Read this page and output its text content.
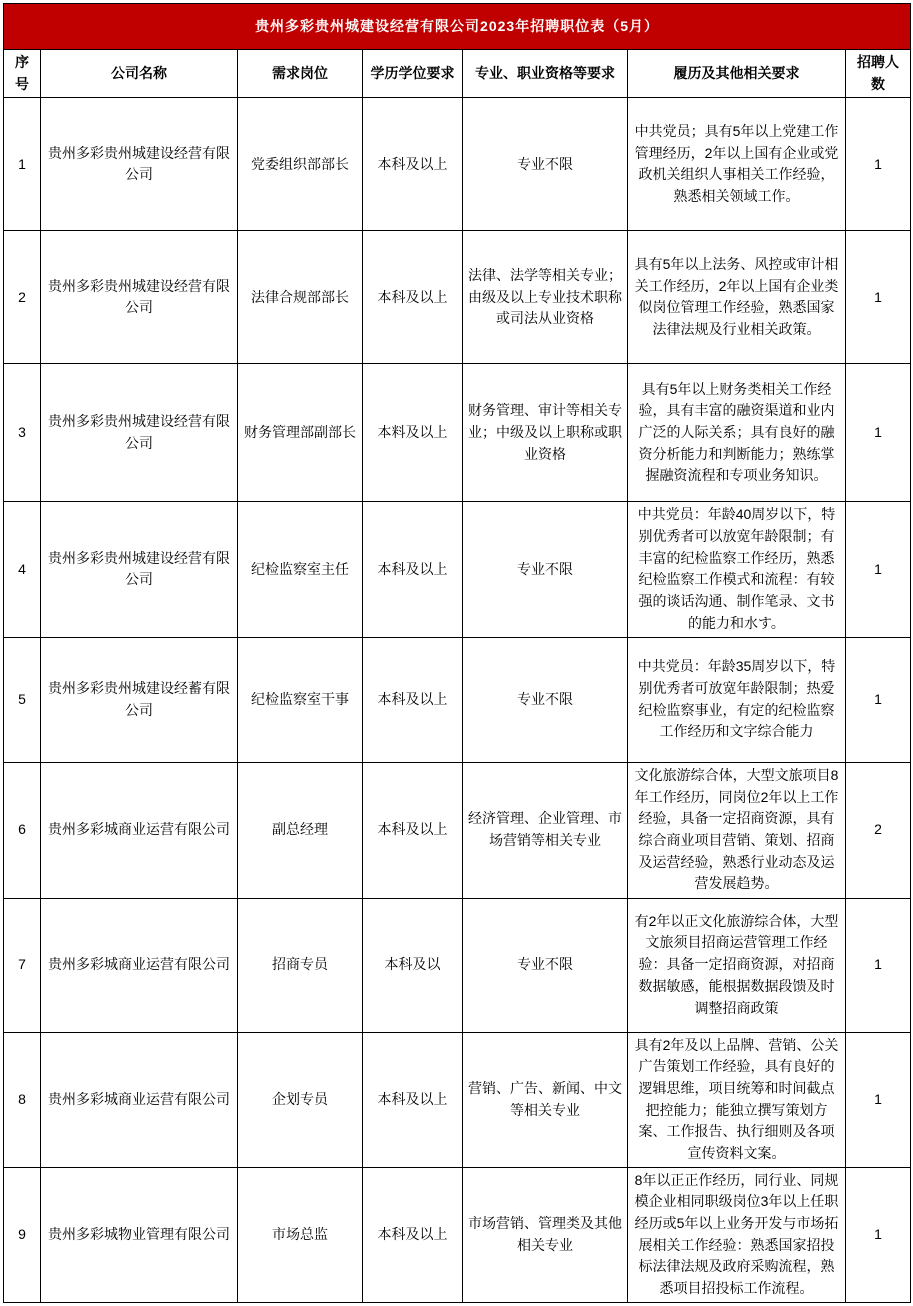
贵州多彩贵州城建设经营有限公司2023年招聘职位表（5月）						
序号	公司名称	需求岗位	学历学位要求	专业、职业资格等要求	履历及其他相关要求	招聘人数
1	贵州多彩贵州城建设经营有限公司	党委组织部部长	本科及以上	专业不限	中共党员；具有5年以上党建工作管理经历，2年以上国有企业或党政机关组织人事相关工作经验，熟悉相关领域工作。	1
2	贵州多彩贵州城建设经营有限公司	法律合规部部长	本科及以上	法律、法学等相关专业；由级及以上专业技术职称或司法从业资格	具有5年以上法务、风控或审计相关工作经历，2年以上国有企业类似岗位管理工作经验，熟悉国家法律法规及行业相关政策。	1
3	贵州多彩贵州城建设经营有限公司	财务管理部副部长	本料及以上	财务管理、审计等相关专业；中级及以上职称或职业资格	具有5年以上财务类相关工作经验，具有丰富的融资渠道和业内广泛的人际关系；具有良好的融资分析能力和判断能力；熟练掌握融资流程和专项业务知识。	1
4	贵州多彩贵州城建设经营有限公司	纪检监察室主任	本科及以上	专业不限	中共党员：年龄40周岁以下，特别优秀者可以放宽年龄限制；有丰富的纪检监察工作经历，熟悉纪检监察工作模式和流程：有较强的谈话沟通、制作笔录、文书的能力和水す。	1
5	贵州多彩贵州城建设经蓄有限公司	纪检监察室干事	本科及以上	专业不限	中共党员：年龄35周岁以下，特别优秀者可放宽年龄限制；热爱纪检监察事业，有定的纪检监察工作经历和文字综合能力	1
6	贵州多彩城商业运营有限公司	副总经理	本科及以上	经济管理、企业管理、市场营销等相关专业	文化旅游综合体，大型文旅项目8年工作经历，同岗位2年以上工作经验，具备一定招商资源，具有综合商业项目营销、策划、招商及运营经验，熟悉行业动态及运营发展趋势。	2
7	贵州多彩城商业运营有限公司	招商专员	本科及以	专业不限	有2年以正文化旅游综合体，大型文旅须目招商运营管理工作经验：具备一定招商资源，对招商数据敏感，能根据数据段馈及时调整招商政策	1
8	贵州多彩城商业运营有限公司	企划专员	本科及以上	营销、广告、新闻、中文等相关专业	具有2年及以上品牌、营销、公关广告策划工作经验，具有良好的逻辑思维，项目统筹和时间截点把控能力；能独立撰写策划方案、工作报告、执行细则及各项宣传资料文案。	1
9	贵州多彩城物业管理有限公司	市场总监	本科及以上	市场营销、管理类及其他相关专业	8年以正正作经历，同行业、同规模企业相同职级岗位3年以上任职经历或5年以上业务开发与市场拓展相关工作经验：熟悉国家招投标法律法规及政府采购流程，熟悉项目招投标工作流程。	1
